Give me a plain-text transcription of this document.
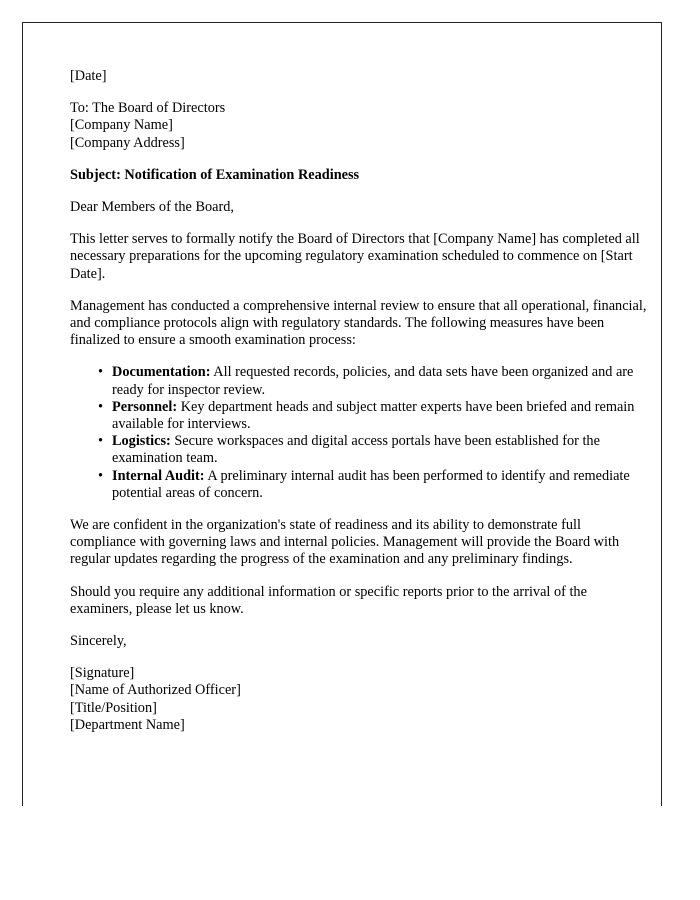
[Date]
To: The Board of Directors
[Company Name]
[Company Address]
Subject: Notification of Examination Readiness
Dear Members of the Board,
This letter serves to formally notify the Board of Directors that [Company Name] has completed all necessary preparations for the upcoming regulatory examination scheduled to commence on [Start Date].
Management has conducted a comprehensive internal review to ensure that all operational, financial, and compliance protocols align with regulatory standards. The following measures have been finalized to ensure a smooth examination process:
• Documentation: All requested records, policies, and data sets have been organized and are ready for inspector review.
• Personnel: Key department heads and subject matter experts have been briefed and remain available for interviews.
• Logistics: Secure workspaces and digital access portals have been established for the examination team.
• Internal Audit: A preliminary internal audit has been performed to identify and remediate potential areas of concern.
We are confident in the organization's state of readiness and its ability to demonstrate full compliance with governing laws and internal policies. Management will provide the Board with regular updates regarding the progress of the examination and any preliminary findings.
Should you require any additional information or specific reports prior to the arrival of the examiners, please let us know.
Sincerely,
[Signature]
[Name of Authorized Officer]
[Title/Position]
[Department Name]
